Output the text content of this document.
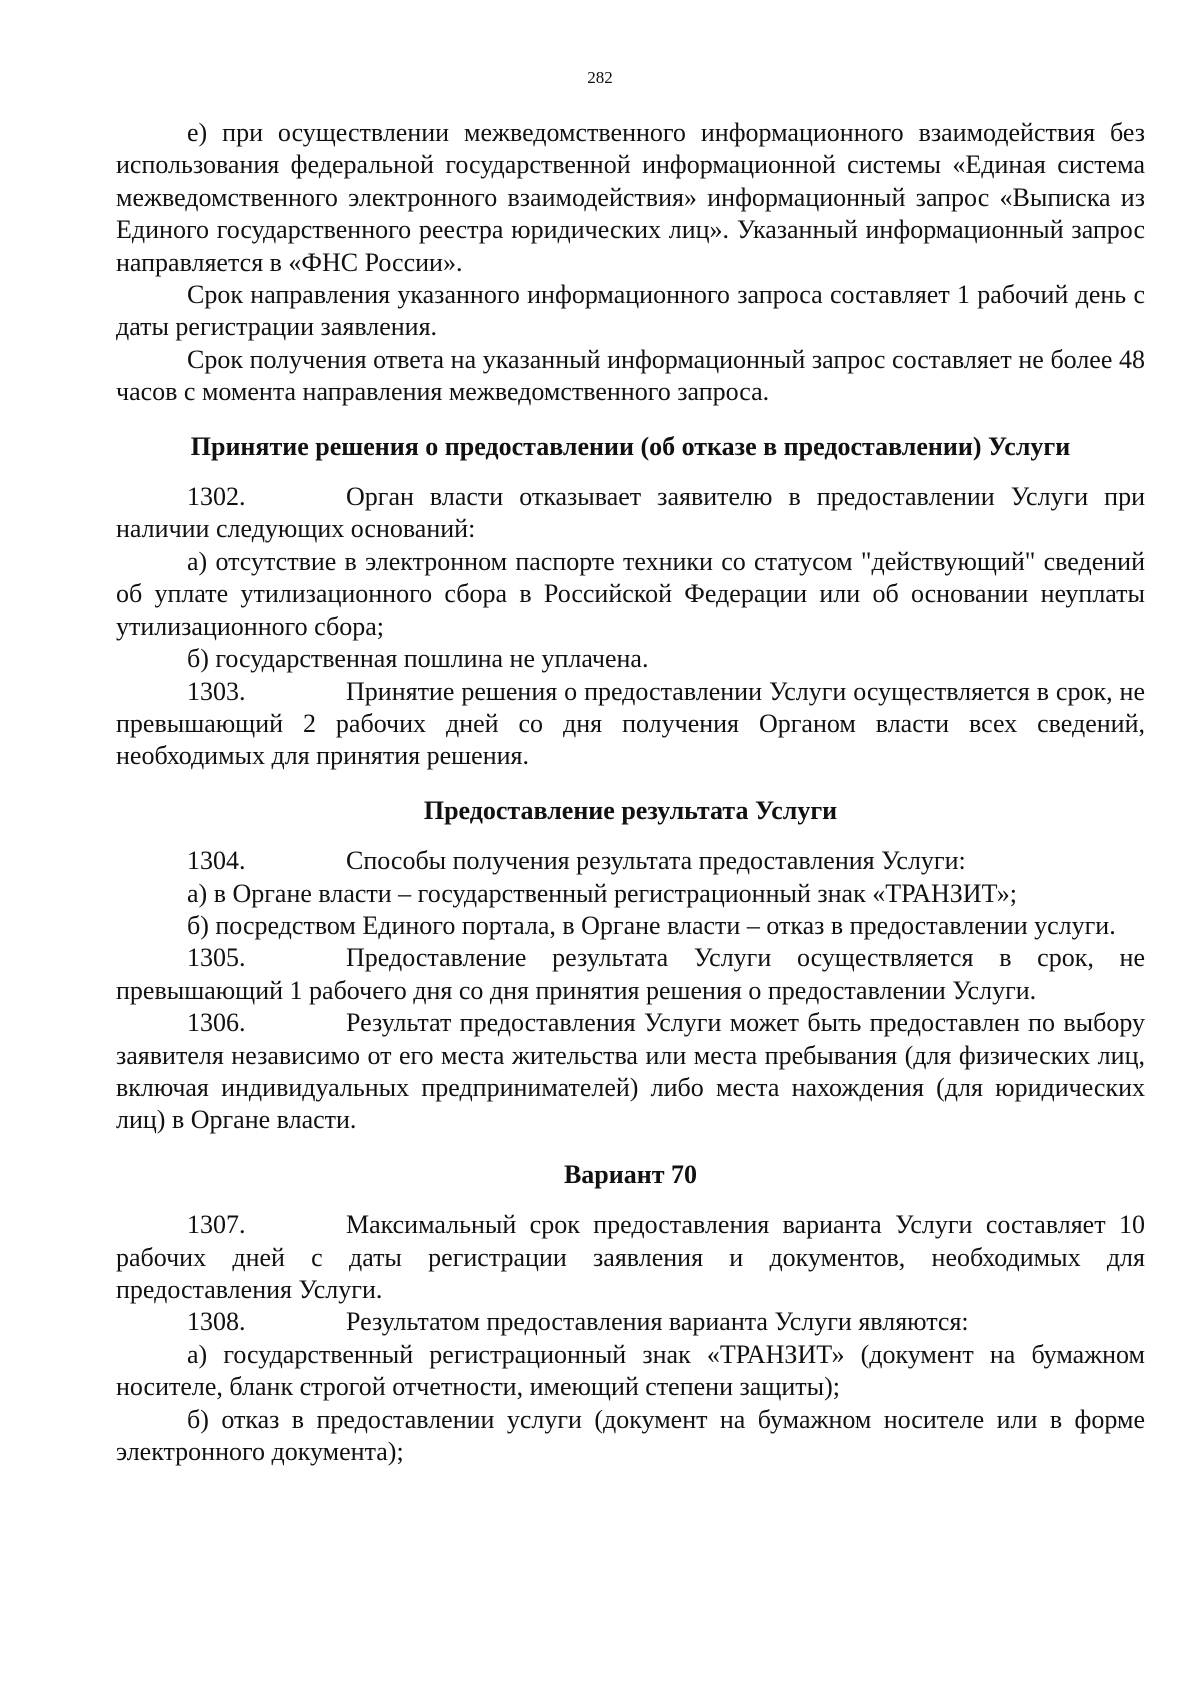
282

е) при осуществлении межведомственного информационного взаимодействия без использования федеральной государственной информационной системы «Единая система межведомственного электронного взаимодействия» информационный запрос «Выписка из Единого государственного реестра юридических лиц». Указанный информационный запрос направляется в «ФНС России».

Срок направления указанного информационного запроса составляет 1 рабочий день с даты регистрации заявления.

Срок получения ответа на указанный информационный запрос составляет не более 48 часов с момента направления межведомственного запроса.

Принятие решения о предоставлении (об отказе в предоставлении) Услуги

1302.	Орган власти отказывает заявителю в предоставлении Услуги при наличии следующих оснований:

а) отсутствие в электронном паспорте техники со статусом "действующий" сведений об уплате утилизационного сбора в Российской Федерации или об основании неуплаты утилизационного сбора;

б) государственная пошлина не уплачена.

1303.	Принятие решения о предоставлении Услуги осуществляется в срок, не превышающий 2 рабочих дней со дня получения Органом власти всех сведений, необходимых для принятия решения.

Предоставление результата Услуги

1304.	Способы получения результата предоставления Услуги:

а) в Органе власти – государственный регистрационный знак «ТРАНЗИТ»;

б) посредством Единого портала, в Органе власти – отказ в предоставлении услуги.

1305.	Предоставление результата Услуги осуществляется в срок, не превышающий 1 рабочего дня со дня принятия решения о предоставлении Услуги.

1306.	Результат предоставления Услуги может быть предоставлен по выбору заявителя независимо от его места жительства или места пребывания (для физических лиц, включая индивидуальных предпринимателей) либо места нахождения (для юридических лиц) в Органе власти.

Вариант 70

1307.	Максимальный срок предоставления варианта Услуги составляет 10 рабочих дней с даты регистрации заявления и документов, необходимых для предоставления Услуги.

1308.	Результатом предоставления варианта Услуги являются:

а) государственный регистрационный знак «ТРАНЗИТ» (документ на бумажном носителе, бланк строгой отчетности, имеющий степени защиты);

б) отказ в предоставлении услуги (документ на бумажном носителе или в форме электронного документа);
